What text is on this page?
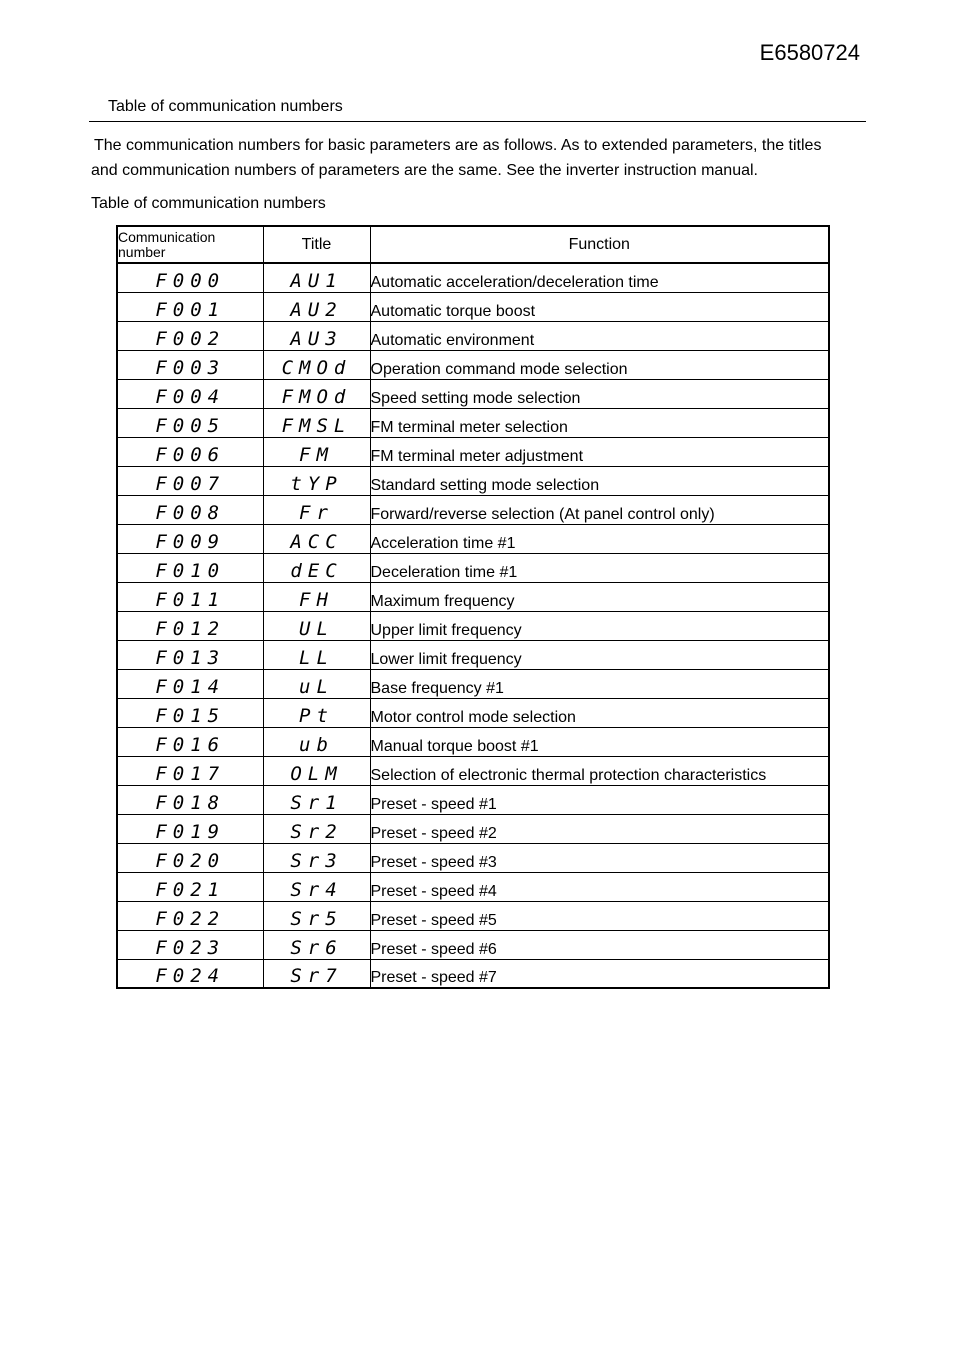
E6580724
Table of communication numbers
The communication numbers for basic parameters are as follows. As to extended parameters, the titles
and communication numbers of parameters are the same. See the inverter instruction manual.
Table of communication numbers
Communication
number	Title	Function
F000	AU1	Automatic acceleration/deceleration time
F001	AU2	Automatic torque boost
F002	AU3	Automatic environment
F003	CMOd	Operation command mode selection
F004	FMOd	Speed setting mode selection
F005	FMSL	FM terminal meter selection
F006	FM	FM terminal meter adjustment
F007	tYP	Standard setting mode selection
F008	Fr	Forward/reverse selection (At panel control only)
F009	ACC	Acceleration time #1
F010	dEC	Deceleration time #1
F011	FH	Maximum frequency
F012	UL	Upper limit frequency
F013	LL	Lower limit frequency
F014	uL	Base frequency #1
F015	Pt	Motor control mode selection
F016	ub	Manual torque boost #1
F017	OLM	Selection of electronic thermal protection characteristics
F018	Sr1	Preset - speed #1
F019	Sr2	Preset - speed #2
F020	Sr3	Preset - speed #3
F021	Sr4	Preset - speed #4
F022	Sr5	Preset - speed #5
F023	Sr6	Preset - speed #6
F024	Sr7	Preset - speed #7
